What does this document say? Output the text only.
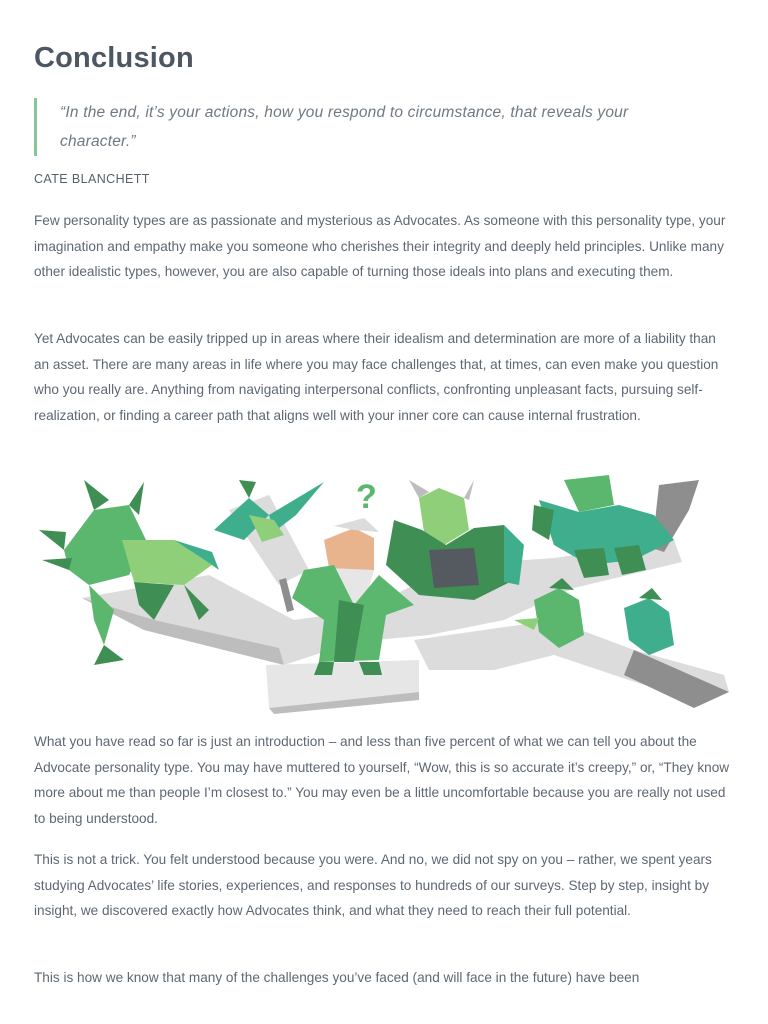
Conclusion

“In the end, it’s your actions, how you respond to circumstance, that reveals your character.”

CATE BLANCHETT

Few personality types are as passionate and mysterious as Advocates. As someone with this personality type, your imagination and empathy make you someone who cherishes their integrity and deeply held principles. Unlike many other idealistic types, however, you are also capable of turning those ideals into plans and executing them.

Yet Advocates can be easily tripped up in areas where their idealism and determination are more of a liability than an asset. There are many areas in life where you may face challenges that, at times, can even make you question who you really are. Anything from navigating interpersonal conflicts, confronting unpleasant facts, pursuing self-realization, or finding a career path that aligns well with your inner core can cause internal frustration.

?

What you have read so far is just an introduction – and less than five percent of what we can tell you about the Advocate personality type. You may have muttered to yourself, “Wow, this is so accurate it’s creepy,” or, “They know more about me than people I’m closest to.” You may even be a little uncomfortable because you are really not used to being understood.

This is not a trick. You felt understood because you were. And no, we did not spy on you – rather, we spent years studying Advocates’ life stories, experiences, and responses to hundreds of our surveys. Step by step, insight by insight, we discovered exactly how Advocates think, and what they need to reach their full potential.

This is how we know that many of the challenges you’ve faced (and will face in the future) have been
